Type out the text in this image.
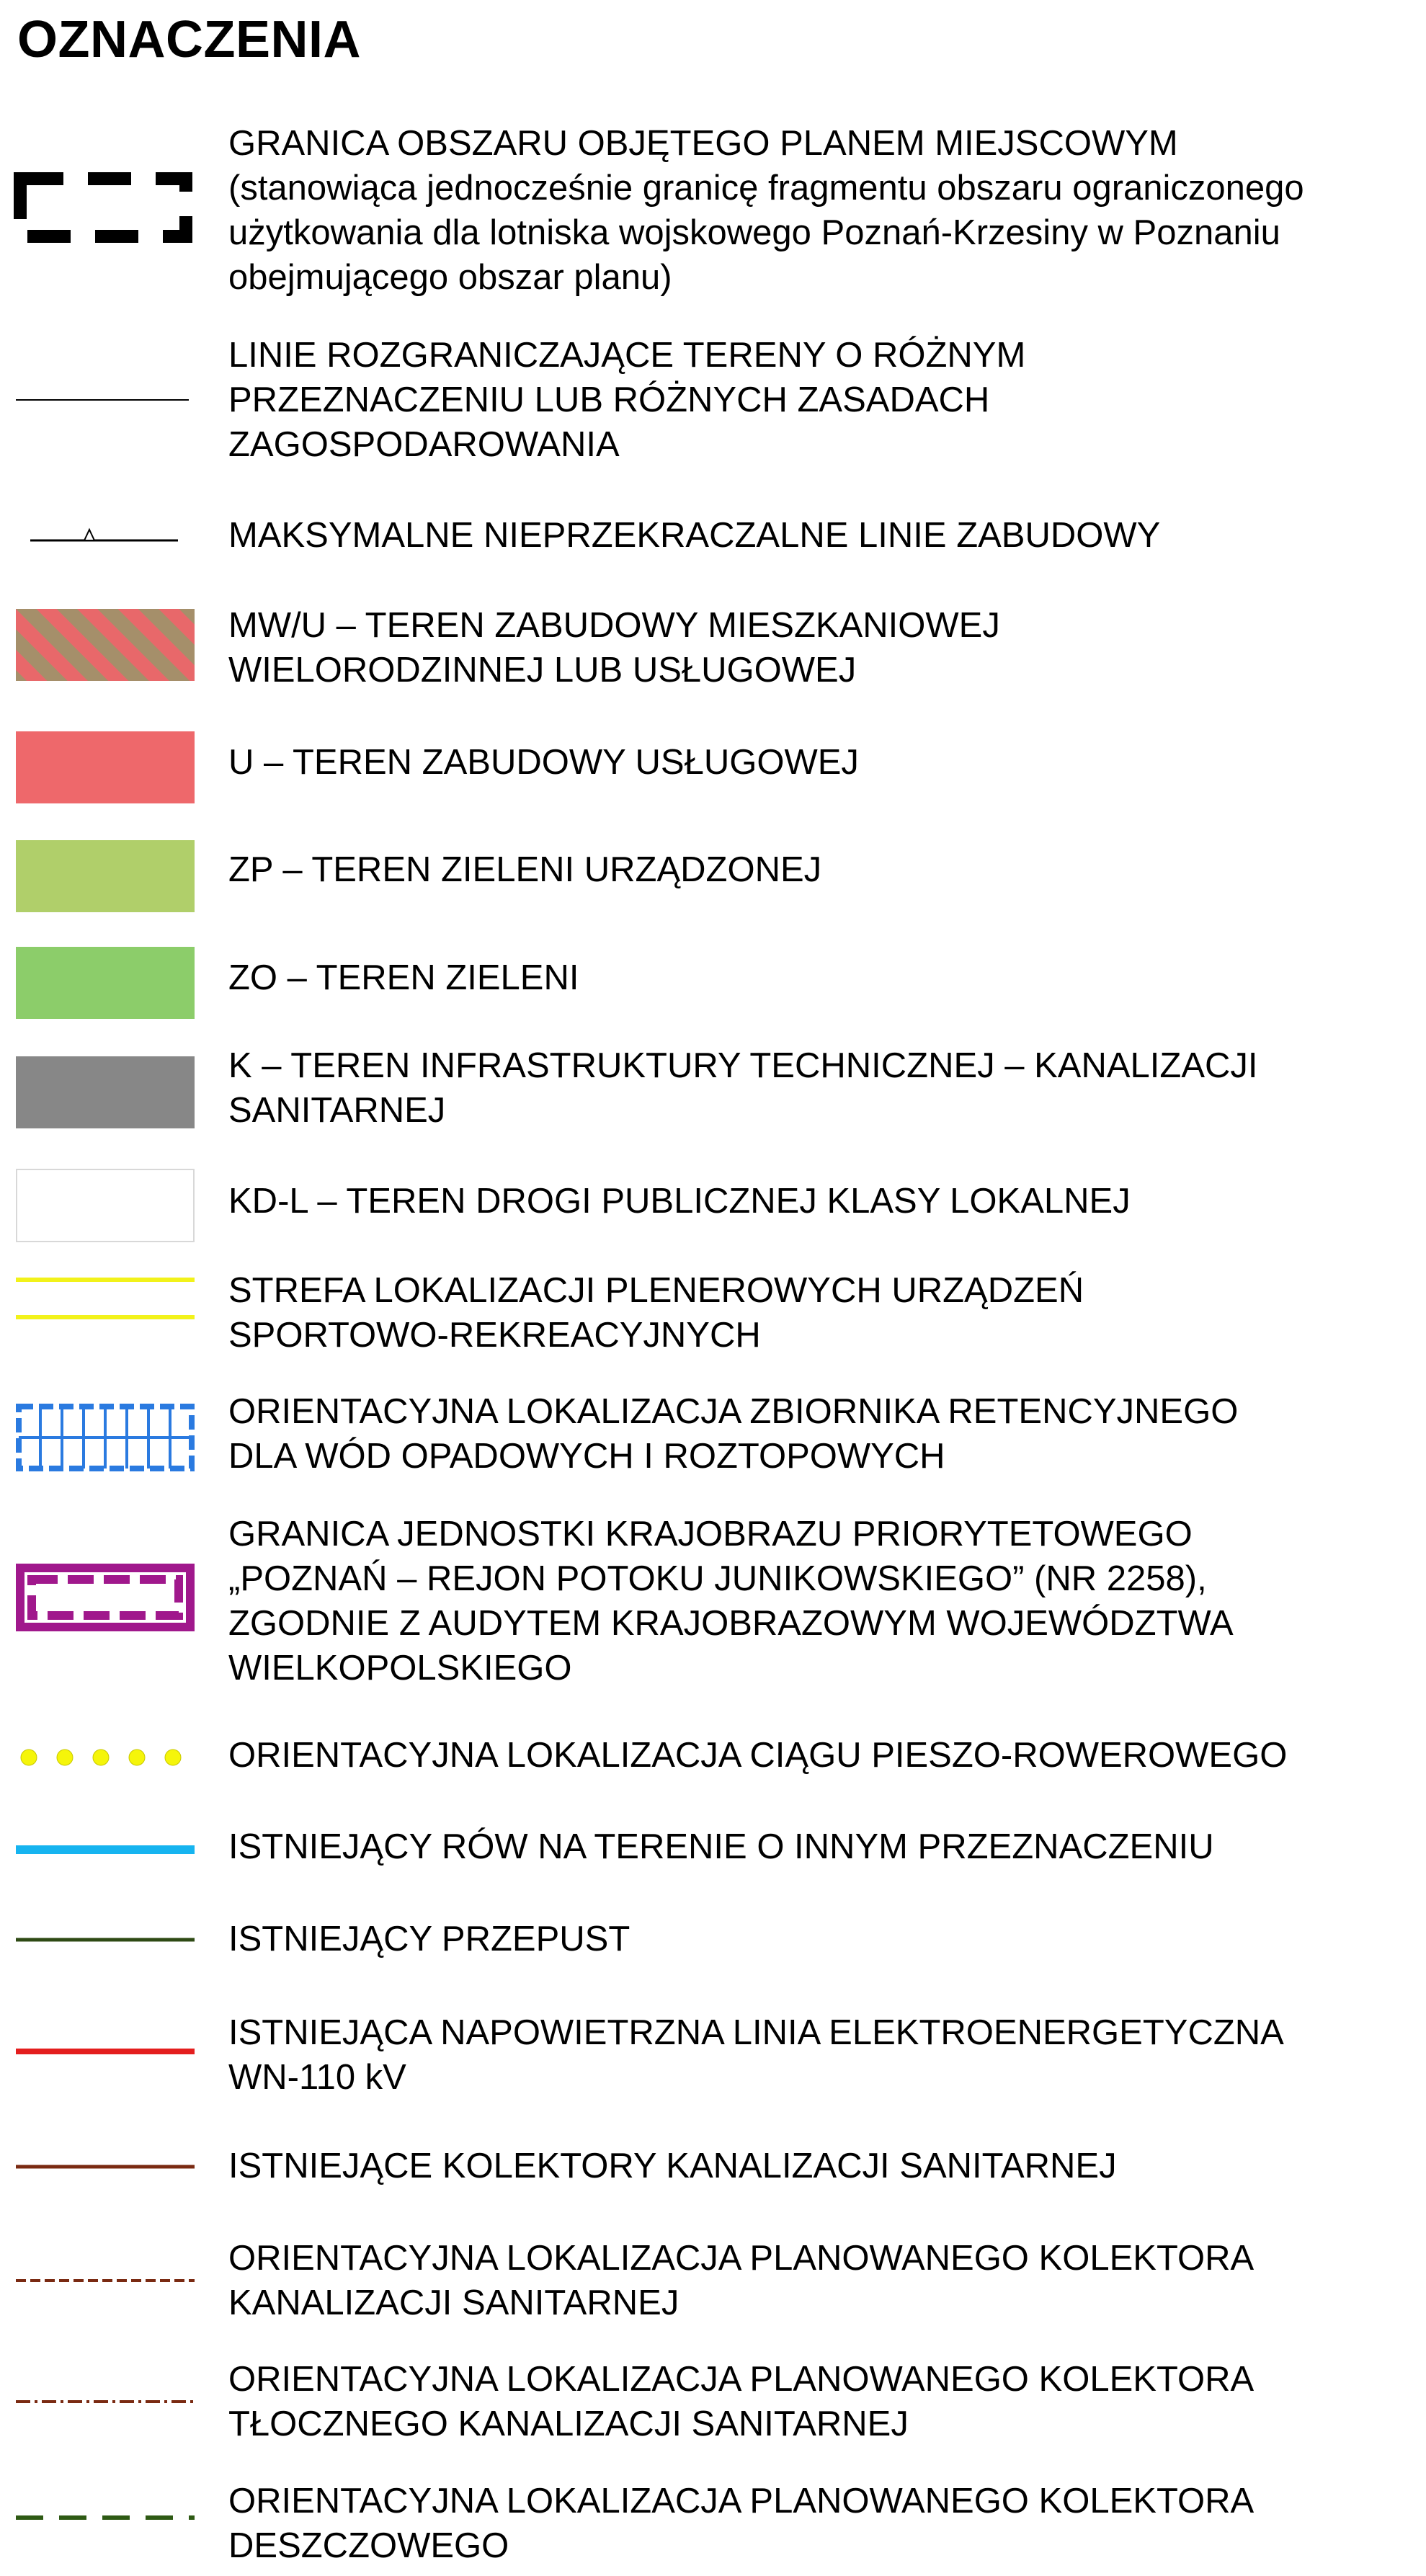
OZNACZENIA
GRANICA OBSZARU OBJĘTEGO PLANEM MIEJSCOWYM
(stanowiąca jednocześnie granicę fragmentu obszaru ograniczonego
użytkowania dla lotniska wojskowego Poznań-Krzesiny w Poznaniu
obejmującego obszar planu)
LINIE ROZGRANICZAJĄCE TERENY O RÓŻNYM
PRZEZNACZENIU LUB RÓŻNYCH ZASADACH
ZAGOSPODAROWANIA
MAKSYMALNE NIEPRZEKRACZALNE LINIE ZABUDOWY
MW/U – TEREN ZABUDOWY MIESZKANIOWEJ
WIELORODZINNEJ LUB USŁUGOWEJ
U – TEREN ZABUDOWY USŁUGOWEJ
ZP – TEREN ZIELENI URZĄDZONEJ
ZO – TEREN ZIELENI
K – TEREN INFRASTRUKTURY TECHNICZNEJ – KANALIZACJI
SANITARNEJ
KD-L – TEREN DROGI PUBLICZNEJ KLASY LOKALNEJ
STREFA LOKALIZACJI PLENEROWYCH URZĄDZEŃ
SPORTOWO-REKREACYJNYCH
ORIENTACYJNA LOKALIZACJA ZBIORNIKA RETENCYJNEGO
DLA WÓD OPADOWYCH I ROZTOPOWYCH
GRANICA JEDNOSTKI KRAJOBRAZU PRIORYTETOWEGO
„POZNAŃ – REJON POTOKU JUNIKOWSKIEGO” (NR 2258),
ZGODNIE Z AUDYTEM KRAJOBRAZOWYM WOJEWÓDZTWA
WIELKOPOLSKIEGO
ORIENTACYJNA LOKALIZACJA CIĄGU PIESZO-ROWEROWEGO
ISTNIEJĄCY RÓW NA TERENIE O INNYM PRZEZNACZENIU
ISTNIEJĄCY PRZEPUST
ISTNIEJĄCA NAPOWIETRZNA LINIA ELEKTROENERGETYCZNA
WN-110 kV
ISTNIEJĄCE KOLEKTORY KANALIZACJI SANITARNEJ
ORIENTACYJNA LOKALIZACJA PLANOWANEGO KOLEKTORA
KANALIZACJI SANITARNEJ
ORIENTACYJNA LOKALIZACJA PLANOWANEGO KOLEKTORA
TŁOCZNEGO KANALIZACJI SANITARNEJ
ORIENTACYJNA LOKALIZACJA PLANOWANEGO KOLEKTORA
DESZCZOWEGO
